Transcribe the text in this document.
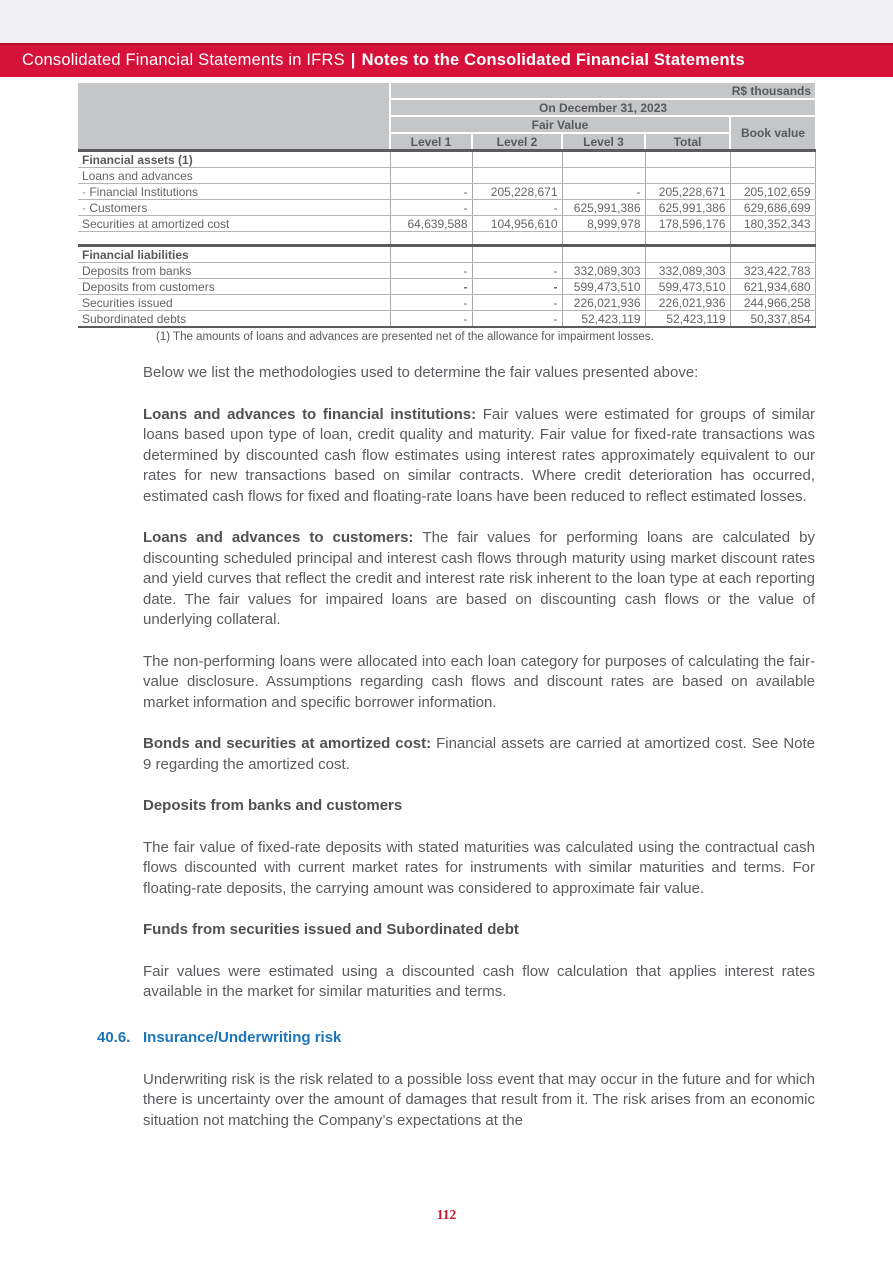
Consolidated Financial Statements in IFRS | Notes to the Consolidated Financial Statements
	R$ thousands				
	On December 31, 2023				
	Fair Value				Book value
	Level 1	Level 2	Level 3	Total	
Financial assets (1)					
Loans and advances					
· Financial Institutions	-	205,228,671	-	205,228,671	205,102,659
· Customers	-	-	625,991,386	625,991,386	629,686,699
Securities at amortized cost	64,639,588	104,956,610	8,999,978	178,596,176	180,352,343

Financial liabilities					
Deposits from banks	-	-	332,089,303	332,089,303	323,422,783
Deposits from customers	-	-	599,473,510	599,473,510	621,934,680
Securities issued	-	-	226,021,936	226,021,936	244,966,258
Subordinated debts	-	-	52,423,119	52,423,119	50,337,854
(1) The amounts of loans and advances are presented net of the allowance for impairment losses.

Below we list the methodologies used to determine the fair values presented above:

Loans and advances to financial institutions: Fair values were estimated for groups of similar loans based upon type of loan, credit quality and maturity. Fair value for fixed-rate transactions was determined by discounted cash flow estimates using interest rates approximately equivalent to our rates for new transactions based on similar contracts. Where credit deterioration has occurred, estimated cash flows for fixed and floating-rate loans have been reduced to reflect estimated losses.

Loans and advances to customers: The fair values for performing loans are calculated by discounting scheduled principal and interest cash flows through maturity using market discount rates and yield curves that reflect the credit and interest rate risk inherent to the loan type at each reporting date. The fair values for impaired loans are based on discounting cash flows or the value of underlying collateral.

The non-performing loans were allocated into each loan category for purposes of calculating the fair-value disclosure. Assumptions regarding cash flows and discount rates are based on available market information and specific borrower information.

Bonds and securities at amortized cost: Financial assets are carried at amortized cost. See Note 9 regarding the amortized cost.

Deposits from banks and customers

The fair value of fixed-rate deposits with stated maturities was calculated using the contractual cash flows discounted with current market rates for instruments with similar maturities and terms. For floating-rate deposits, the carrying amount was considered to approximate fair value.

Funds from securities issued and Subordinated debt

Fair values were estimated using a discounted cash flow calculation that applies interest rates available in the market for similar maturities and terms.

40.6. Insurance/Underwriting risk

Underwriting risk is the risk related to a possible loss event that may occur in the future and for which there is uncertainty over the amount of damages that result from it. The risk arises from an economic situation not matching the Company’s expectations at the

112
